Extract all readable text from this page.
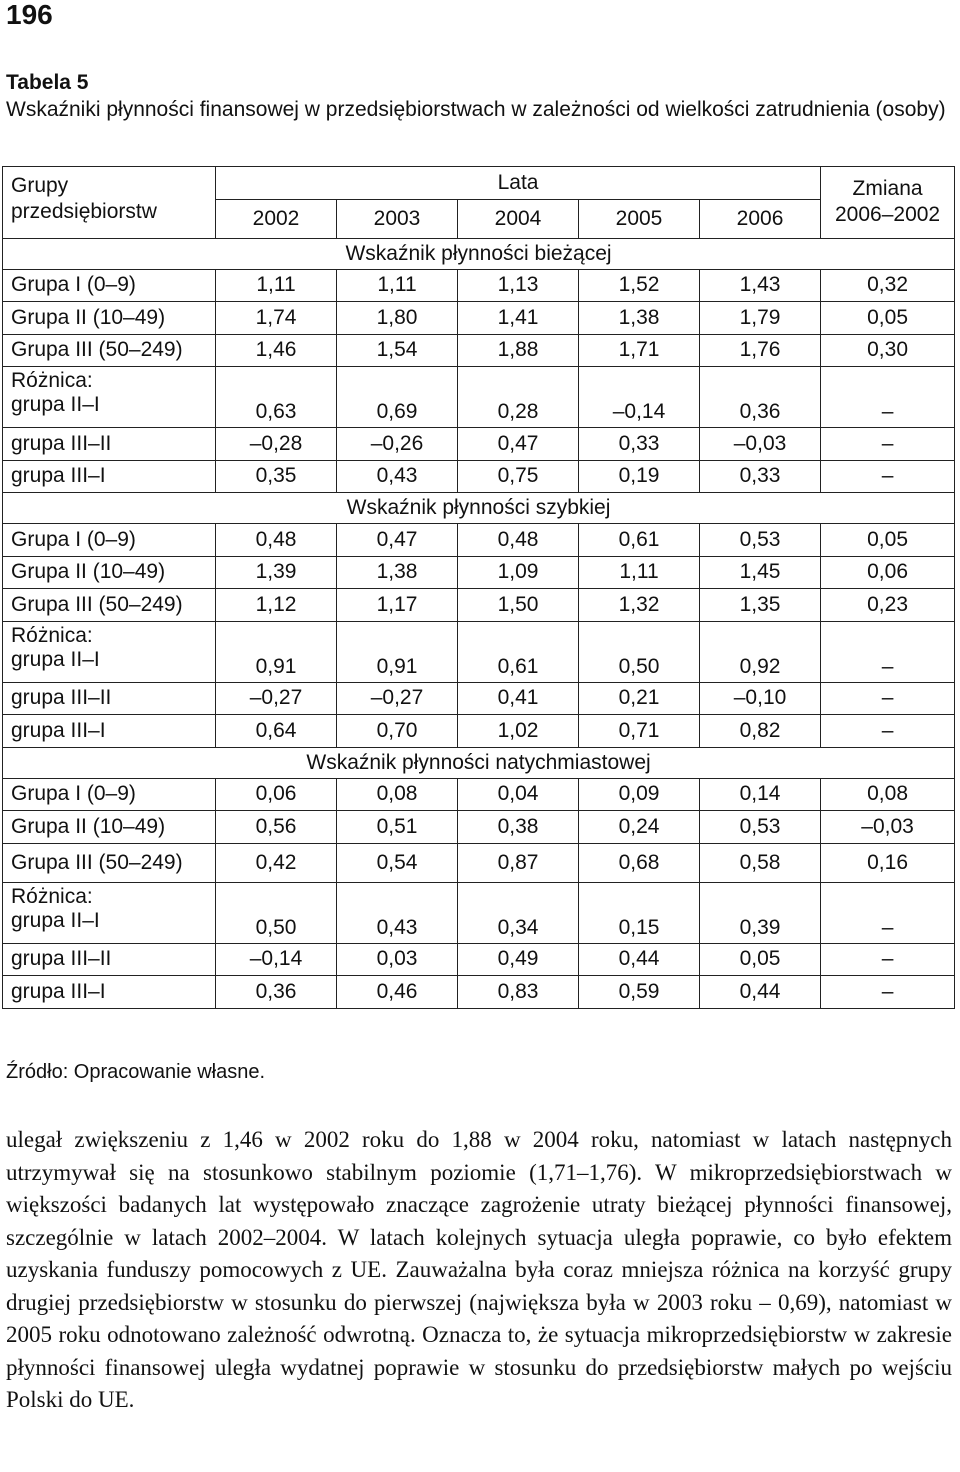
196
Tabela 5
Wskaźniki płynności finansowej w przedsiębiorstwach w zależności od wielkości zatrudnienia (osoby)
Grupy przedsiębiorstw	Lata					Zmiana 2006–2002
	2002	2003	2004	2005	2006	
Wskaźnik płynności bieżącej						
Grupa I (0–9)	1,11	1,11	1,13	1,52	1,43	0,32
Grupa II (10–49)	1,74	1,80	1,41	1,38	1,79	0,05
Grupa III (50–249)	1,46	1,54	1,88	1,71	1,76	0,30

Różnica:
grupa II–I	0,63	0,69	0,28	–0,14	0,36	–
grupa III–II	–0,28	–0,26	0,47	0,33	–0,03	–
grupa III–I	0,35	0,43	0,75	0,19	0,33	–
Wskaźnik płynności szybkiej						
Grupa I (0–9)	0,48	0,47	0,48	0,61	0,53	0,05
Grupa II (10–49)	1,39	1,38	1,09	1,11	1,45	0,06
Grupa III (50–249)	1,12	1,17	1,50	1,32	1,35	0,23

Różnica:
grupa II–I	0,91	0,91	0,61	0,50	0,92	–
grupa III–II	–0,27	–0,27	0,41	0,21	–0,10	–
grupa III–I	0,64	0,70	1,02	0,71	0,82	–
Wskaźnik płynności natychmiastowej						
Grupa I (0–9)	0,06	0,08	0,04	0,09	0,14	0,08
Grupa II (10–49)	0,56	0,51	0,38	0,24	0,53	–0,03
Grupa III (50–249)	0,42	0,54	0,87	0,68	0,58	0,16

Różnica:
grupa II–I	0,50	0,43	0,34	0,15	0,39	–
grupa III–II	–0,14	0,03	0,49	0,44	0,05	–
grupa III–I	0,36	0,46	0,83	0,59	0,44	–
Źródło: Opracowanie własne.

ulegał zwiększeniu z 1,46 w 2002 roku do 1,88 w 2004 roku, natomiast w latach następnych utrzymywał się na stosunkowo stabilnym poziomie (1,71–1,76). W mikroprzedsiębiorstwach w większości badanych lat występowało znaczące zagrożenie utraty bieżącej płynności finansowej, szczególnie w latach 2002–2004. W latach kolejnych sytuacja uległa poprawie, co było efektem uzyskania funduszy pomocowych z UE. Zauważalna była coraz mniejsza różnica na korzyść grupy drugiej przedsiębiorstw w stosunku do pierwszej (największa była w 2003 roku – 0,69), natomiast w 2005 roku odnotowano zależność odwrotną. Oznacza to, że sytuacja mikroprzedsiębiorstw w zakresie płynności finansowej uległa wydatnej poprawie w stosunku do przedsiębiorstw małych po wejściu Polski do UE.
